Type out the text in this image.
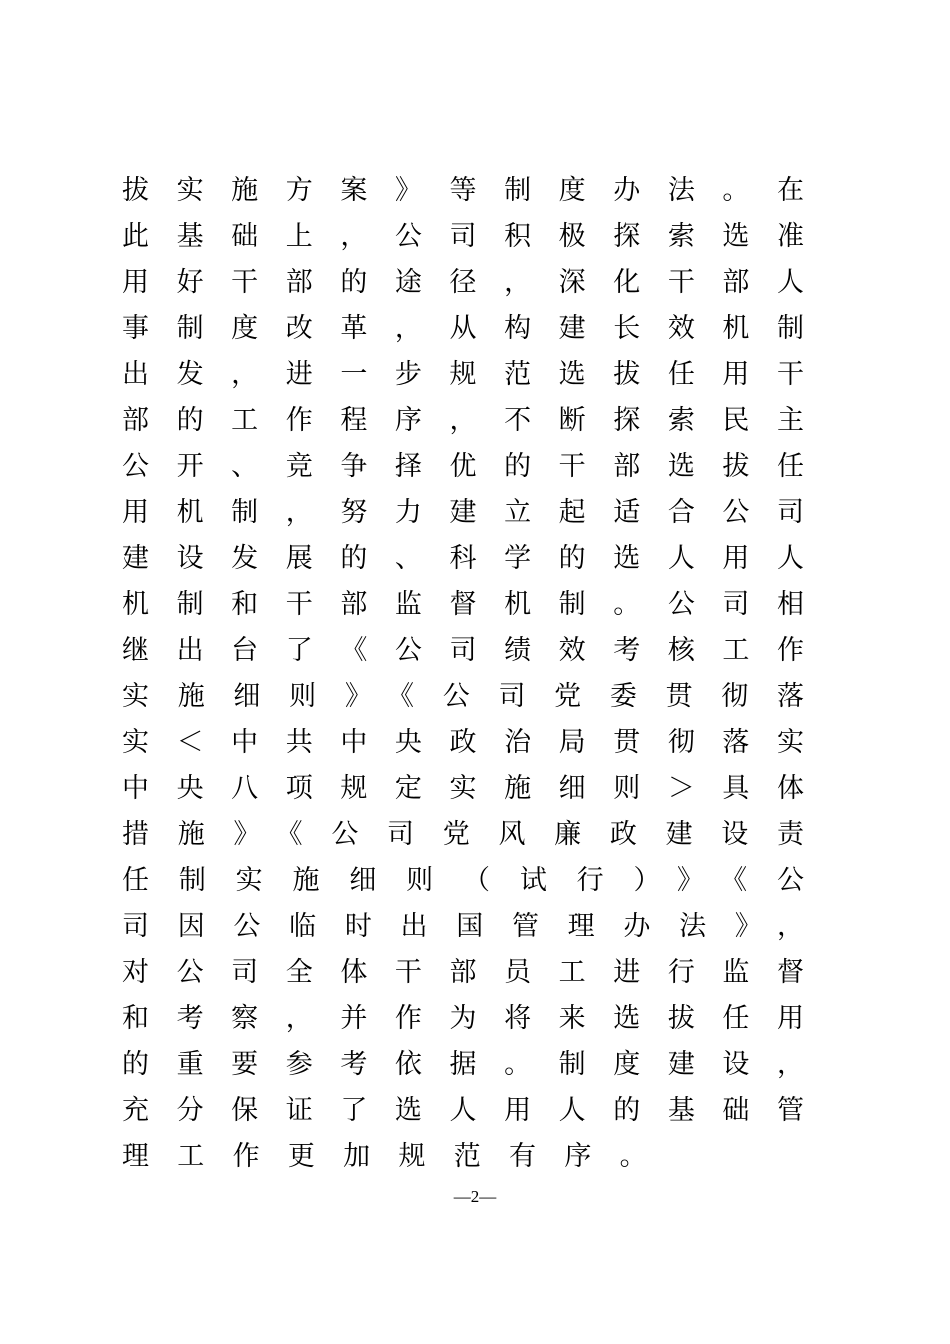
拔实施方案》等制度办法。在
此基础上，公司积极探索选准
用好干部的途径，深化干部人
事制度改革，从构建长效机制
出发，进一步规范选拔任用干
部的工作程序，不断探索民主
公开、竞争择优的干部选拔任
用机制，努力建立起适合公司
建设发展的、科学的选人用人
机制和干部监督机制。公司相
继出台了《公司绩效考核工作
实施细则》《公司党委贯彻落
实＜中共中央政治局贯彻落实
中央八项规定实施细则＞具体
措施》《公司党风廉政建设责
任制实施细则（试行）》《公
司因公临时出国管理办法》，
对公司全体干部员工进行监督
和考察，并作为将来选拔任用
的重要参考依据。制度建设，
充分保证了选人用人的基础管
理工作更加规范有序。
—2—
